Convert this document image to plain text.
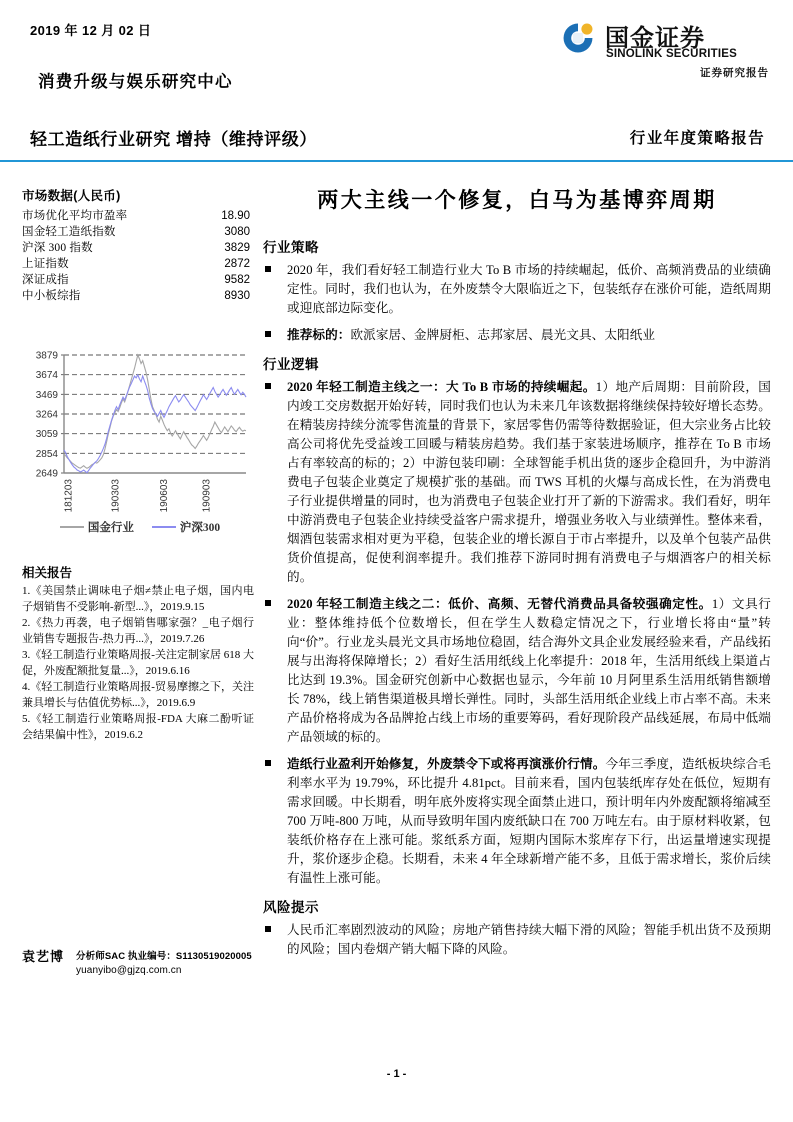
2019 年 12 月 02 日
消费升级与娱乐研究中心
轻工造纸行业研究 增持（维持评级）	行业年度策略报告
国金证券
SINOLINK SECURITIES
证券研究报告
市场数据(人民币)
市场优化平均市盈率	18.90
国金轻工造纸指数	3080
沪深 300 指数	3829
上证指数	2872
深证成指	9582
中小板综指	8930
2649
2854
3059
3264
3469
3674
3879
181203	190303	190603	190903
国金行业	沪深300
相关报告
1.《美国禁止调味电子烟≠禁止电子烟，国内电子烟销售不受影响-新型...》，2019.9.15
2.《热力再袭，电子烟销售哪家强？_电子烟行业销售专题报告-热力再...》，2019.7.26
3.《轻工制造行业策略周报-关注定制家居 618 大促，外废配额批复量...》，2019.6.16
4.《轻工制造行业策略周报-贸易摩擦之下，关注兼具增长与估值优势标...》，2019.6.9
5.《轻工制造行业策略周报-FDA 大麻二酚听证会结果偏中性》，2019.6.2
袁艺博 分析师SAC 执业编号：S1130519020005
yuanyibo@gjzq.com.cn
两大主线一个修复，白马为基博弈周期
行业策略
2020 年，我们看好轻工制造行业大 To B 市场的持续崛起，低价、高频消费品的业绩确定性。同时，我们也认为，在外废禁令大限临近之下，包装纸存在涨价可能，造纸周期或迎底部边际变化。
推荐标的：欧派家居、金牌厨柜、志邦家居、晨光文具、太阳纸业
行业逻辑
2020 年轻工制造主线之一：大 To B 市场的持续崛起。1）地产后周期：目前阶段，国内竣工交房数据开始好转，同时我们也认为未来几年该数据将继续保持较好增长态势。在精装房持续分流零售流量的背景下，家居零售仍需等待数据验证，但大宗业务占比较高公司将优先受益竣工回暖与精装房趋势。我们基于家装进场顺序，推荐在 To B 市场占有率较高的标的；2）中游包装印刷：全球智能手机出货的逐步企稳回升，为中游消费电子包装企业奠定了规模扩张的基础。而 TWS 耳机的火爆与高成长性，在为消费电子行业提供增量的同时，也为消费电子包装企业打开了新的下游需求。我们看好，明年中游消费电子包装企业持续受益客户需求提升，增强业务收入与业绩弹性。整体来看，烟酒包装需求相对更为平稳，包装企业的增长源自于市占率提升，以及单个包装产品供货价值提高，促使利润率提升。我们推荐下游同时拥有消费电子与烟酒客户的相关标的。
2020 年轻工制造主线之二：低价、高频、无替代消费品具备较强确定性。1）文具行业：整体维持低个位数增长，但在学生人数稳定情况之下，行业增长将由“量”转向“价”。行业龙头晨光文具市场地位稳固，结合海外文具企业发展经验来看，产品线拓展与出海将保障增长；2）看好生活用纸线上化率提升：2018 年，生活用纸线上渠道占比达到 19.3%。国金研究创新中心数据也显示，今年前 10 月阿里系生活用纸销售额增长 78%，线上销售渠道极具增长弹性。同时，头部生活用纸企业线上市占率不高。未来产品价格将成为各品牌抢占线上市场的重要筹码，看好现阶段产品线延展，布局中低端产品领域的标的。
造纸行业盈利开始修复，外废禁令下或将再演涨价行情。今年三季度，造纸板块综合毛利率水平为 19.79%，环比提升 4.81pct。目前来看，国内包装纸库存处在低位，短期有需求回暖。中长期看，明年底外废将实现全面禁止进口，预计明年内外废配额将缩减至 700 万吨-800 万吨，从而导致明年国内废纸缺口在 700 万吨左右。由于原材料收紧，包装纸价格存在上涨可能。浆纸系方面，短期内国际木浆库存下行，出运量增速实现提升，浆价逐步企稳。长期看，未来 4 年全球新增产能不多，且低于需求增长，浆价后续有温性上涨可能。
风险提示
人民币汇率剧烈波动的风险；房地产销售持续大幅下滑的风险；智能手机出货不及预期的风险；国内卷烟产销大幅下降的风险。
- 1 -
